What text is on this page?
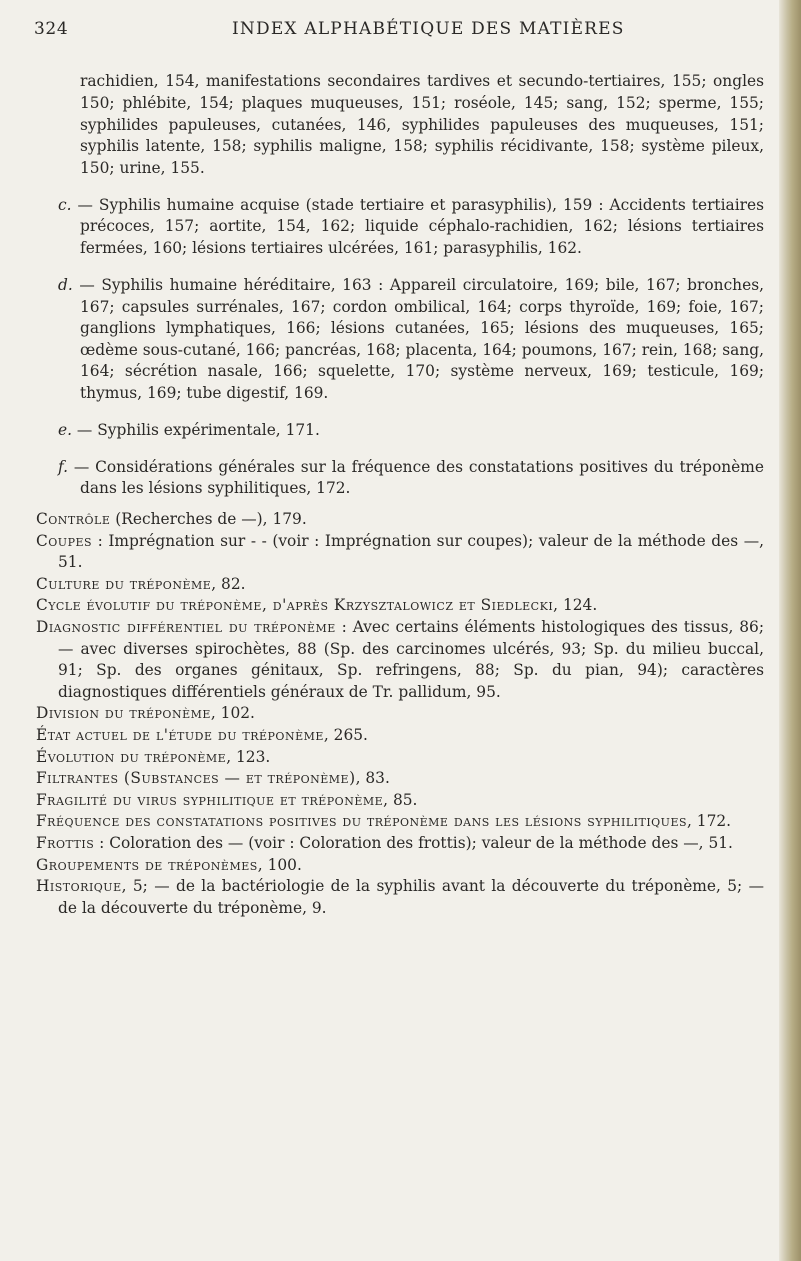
324	INDEX ALPHABÉTIQUE DES MATIÈRES

rachidien, 154, manifestations secondaires tardives et secundo-tertiaires, 155; ongles 150; phlébite, 154; plaques muqueuses, 151; roséole, 145; sang, 152; sperme, 155; syphilides papuleuses, cutanées, 146, syphilides papuleuses des muqueuses, 151; syphilis latente, 158; syphilis maligne, 158; syphilis récidivante, 158; système pileux, 150; urine, 155.

c. — Syphilis humaine acquise (stade tertiaire et parasyphilis), 159 : Accidents tertiaires précoces, 157; aortite, 154, 162; liquide céphalo-rachidien, 162; lésions tertiaires fermées, 160; lésions tertiaires ulcérées, 161; parasyphilis, 162.

d. — Syphilis humaine héréditaire, 163 : Appareil circulatoire, 169; bile, 167; bronches, 167; capsules surrénales, 167; cordon ombilical, 164; corps thyroïde, 169; foie, 167; ganglions lymphatiques, 166; lésions cutanées, 165; lésions des muqueuses, 165; œdème sous-cutané, 166; pancréas, 168; placenta, 164; poumons, 167; rein, 168; sang, 164; sécrétion nasale, 166; squelette, 170; système nerveux, 169; testicule, 169; thymus, 169; tube digestif, 169.

e. — Syphilis expérimentale, 171.

f. — Considérations générales sur la fréquence des constatations positives du tréponème dans les lésions syphilitiques, 172.

Contrôle (Recherches de —), 179.

Coupes : Imprégnation sur - - (voir : Imprégnation sur coupes); valeur de la méthode des —, 51.

Culture du tréponème, 82.

Cycle évolutif du tréponème, d'après Krzysztalowicz et Siedlecki, 124.

Diagnostic différentiel du tréponème : Avec certains éléments histologiques des tissus, 86; — avec diverses spirochètes, 88 (Sp. des carcinomes ulcérés, 93; Sp. du milieu buccal, 91; Sp. des organes génitaux, Sp. refringens, 88; Sp. du pian, 94); caractères diagnostiques différentiels généraux de Tr. pallidum, 95.

Division du tréponème, 102.

État actuel de l'étude du tréponème, 265.

Évolution du tréponème, 123.

Filtrantes (Substances — et tréponème), 83.

Fragilité du virus syphilitique et tréponème, 85.

Fréquence des constatations positives du tréponème dans les lésions syphilitiques, 172.

Frottis : Coloration des — (voir : Coloration des frottis); valeur de la méthode des —, 51.

Groupements de tréponèmes, 100.

Historique, 5; — de la bactériologie de la syphilis avant la découverte du tréponème, 5; — de la découverte du tréponème, 9.
